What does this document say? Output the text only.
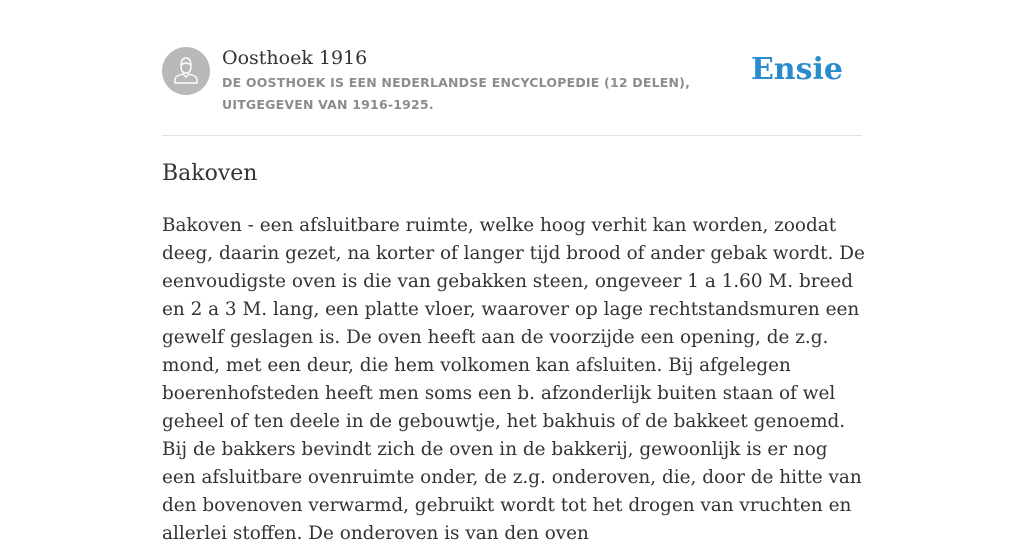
Oosthoek 1916
DE OOSTHOEK IS EEN NEDERLANDSE ENCYCLOPEDIE (12 DELEN), UITGEGEVEN VAN 1916-1925.
Ensie
Bakoven

Bakoven - een afsluitbare ruimte, welke hoog verhit kan worden, zoodat deeg, daarin gezet, na korter of langer tijd brood of ander gebak wordt. De eenvoudigste oven is die van gebakken steen, ongeveer 1 a 1.60 M. breed en 2 a 3 M. lang, een platte vloer, waarover op lage rechtstandsmuren een gewelf geslagen is. De oven heeft aan de voorzijde een opening, de z.g. mond, met een deur, die hem volkomen kan afsluiten. Bij afgelegen boerenhofsteden heeft men soms een b. afzonderlijk buiten staan of wel geheel of ten deele in de gebouwtje, het bakhuis of de bakkeet genoemd. Bij de bakkers bevindt zich de oven in de bakkerij, gewoonlijk is er nog een afsluitbare ovenruimte onder, de z.g. onderoven, die, door de hitte van den bovenoven verwarmd, gebruikt wordt tot het drogen van vruchten en allerlei stoffen. De onderoven is van den oven
